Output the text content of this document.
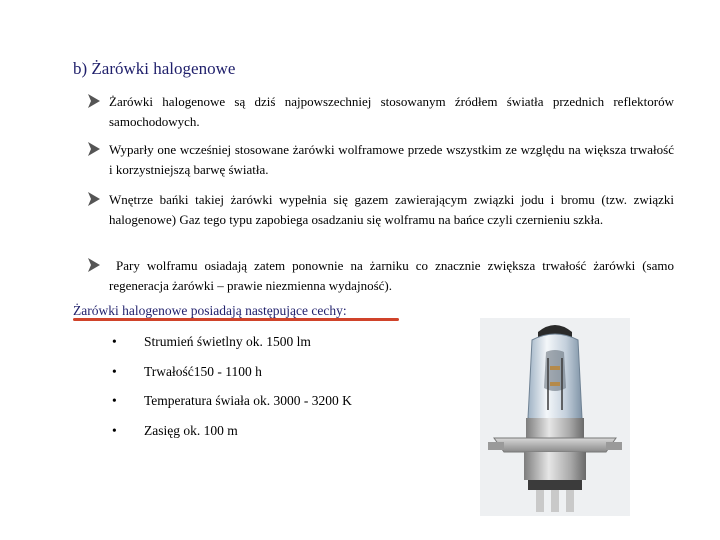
b) Żarówki halogenowe
Żarówki halogenowe są dziś najpowszechniej stosowanym źródłem światła przednich reflektorów samochodowych.
Wyparły one wcześniej stosowane żarówki wolframowe przede wszystkim ze względu na większa trwałość i korzystniejszą barwę światła.
Wnętrze bańki takiej żarówki wypełnia się gazem zawierającym związki jodu i bromu (tzw. związki halogenowe) Gaz tego typu zapobiega osadzaniu się wolframu na bańce czyli czernieniu szkła.
Pary wolframu osiadają zatem ponownie na żarniku co znacznie zwiększa trwałość żarówki (samo regeneracja żarówki – prawie niezmienna wydajność).
Żarówki halogenowe posiadają następujące cechy:
•	Strumień świetlny ok. 1500 lm
•	Trwałość150 - 1100 h
•	Temperatura świała ok. 3000 - 3200 K
•	Zasięg ok. 100 m
